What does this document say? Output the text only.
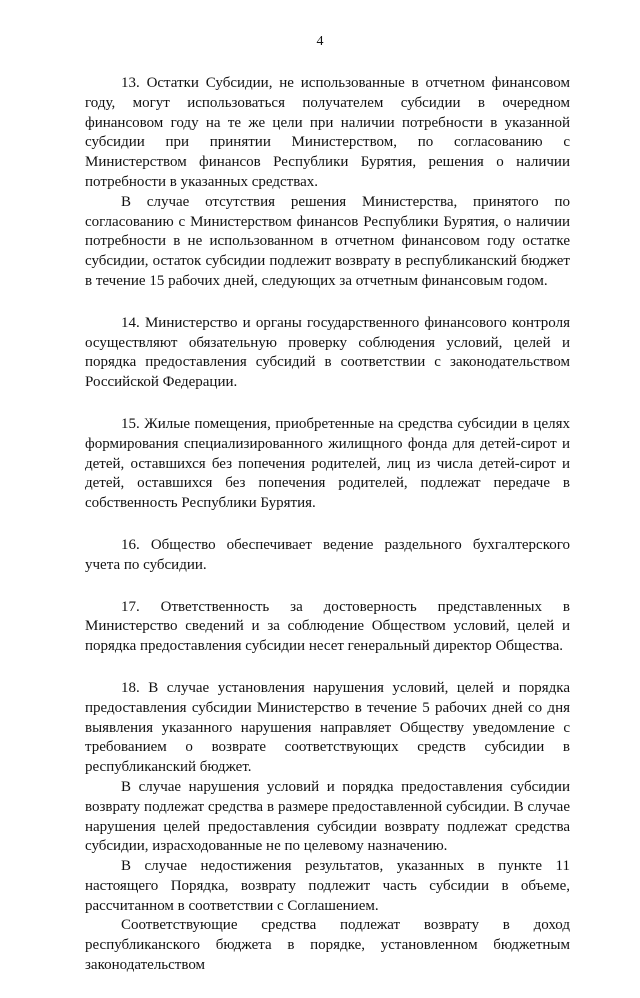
4

13. Остатки Субсидии, не использованные в отчетном финансовом году, могут использоваться получателем субсидии в очередном финансовом году на те же цели при наличии потребности в указанной субсидии при принятии Министерством, по согласованию с Министерством финансов Республики Бурятия, решения о наличии потребности в указанных средствах.

В случае отсутствия решения Министерства, принятого по согласованию с Министерством финансов Республики Бурятия, о наличии потребности в не использованном в отчетном финансовом году остатке субсидии, остаток субсидии подлежит возврату в республиканский бюджет в течение 15 рабочих дней, следующих за отчетным финансовым годом.

14. Министерство и органы государственного финансового контроля осуществляют обязательную проверку соблюдения условий, целей и порядка предоставления субсидий в соответствии с законодательством Российской Федерации.

15. Жилые помещения, приобретенные на средства субсидии в целях формирования специализированного жилищного фонда для детей-сирот и детей, оставшихся без попечения родителей, лиц из числа детей-сирот и детей, оставшихся без попечения родителей, подлежат передаче в собственность Республики Бурятия.

16. Общество обеспечивает ведение раздельного бухгалтерского учета по субсидии.

17. Ответственность за достоверность представленных в Министерство сведений и за соблюдение Обществом условий, целей и порядка предоставления субсидии несет генеральный директор Общества.

18. В случае установления нарушения условий, целей и порядка предоставления субсидии Министерство в течение 5 рабочих дней со дня выявления указанного нарушения направляет Обществу уведомление с требованием о возврате соответствующих средств субсидии в республиканский бюджет.

В случае нарушения условий и порядка предоставления субсидии возврату подлежат средства в размере предоставленной субсидии. В случае нарушения целей предоставления субсидии возврату подлежат средства субсидии, израсходованные не по целевому назначению.

В случае недостижения результатов, указанных в пункте 11 настоящего Порядка, возврату подлежит часть субсидии в объеме, рассчитанном в соответствии с Соглашением.

Соответствующие средства подлежат возврату в доход республиканского бюджета в порядке, установленном бюджетным законодательством
